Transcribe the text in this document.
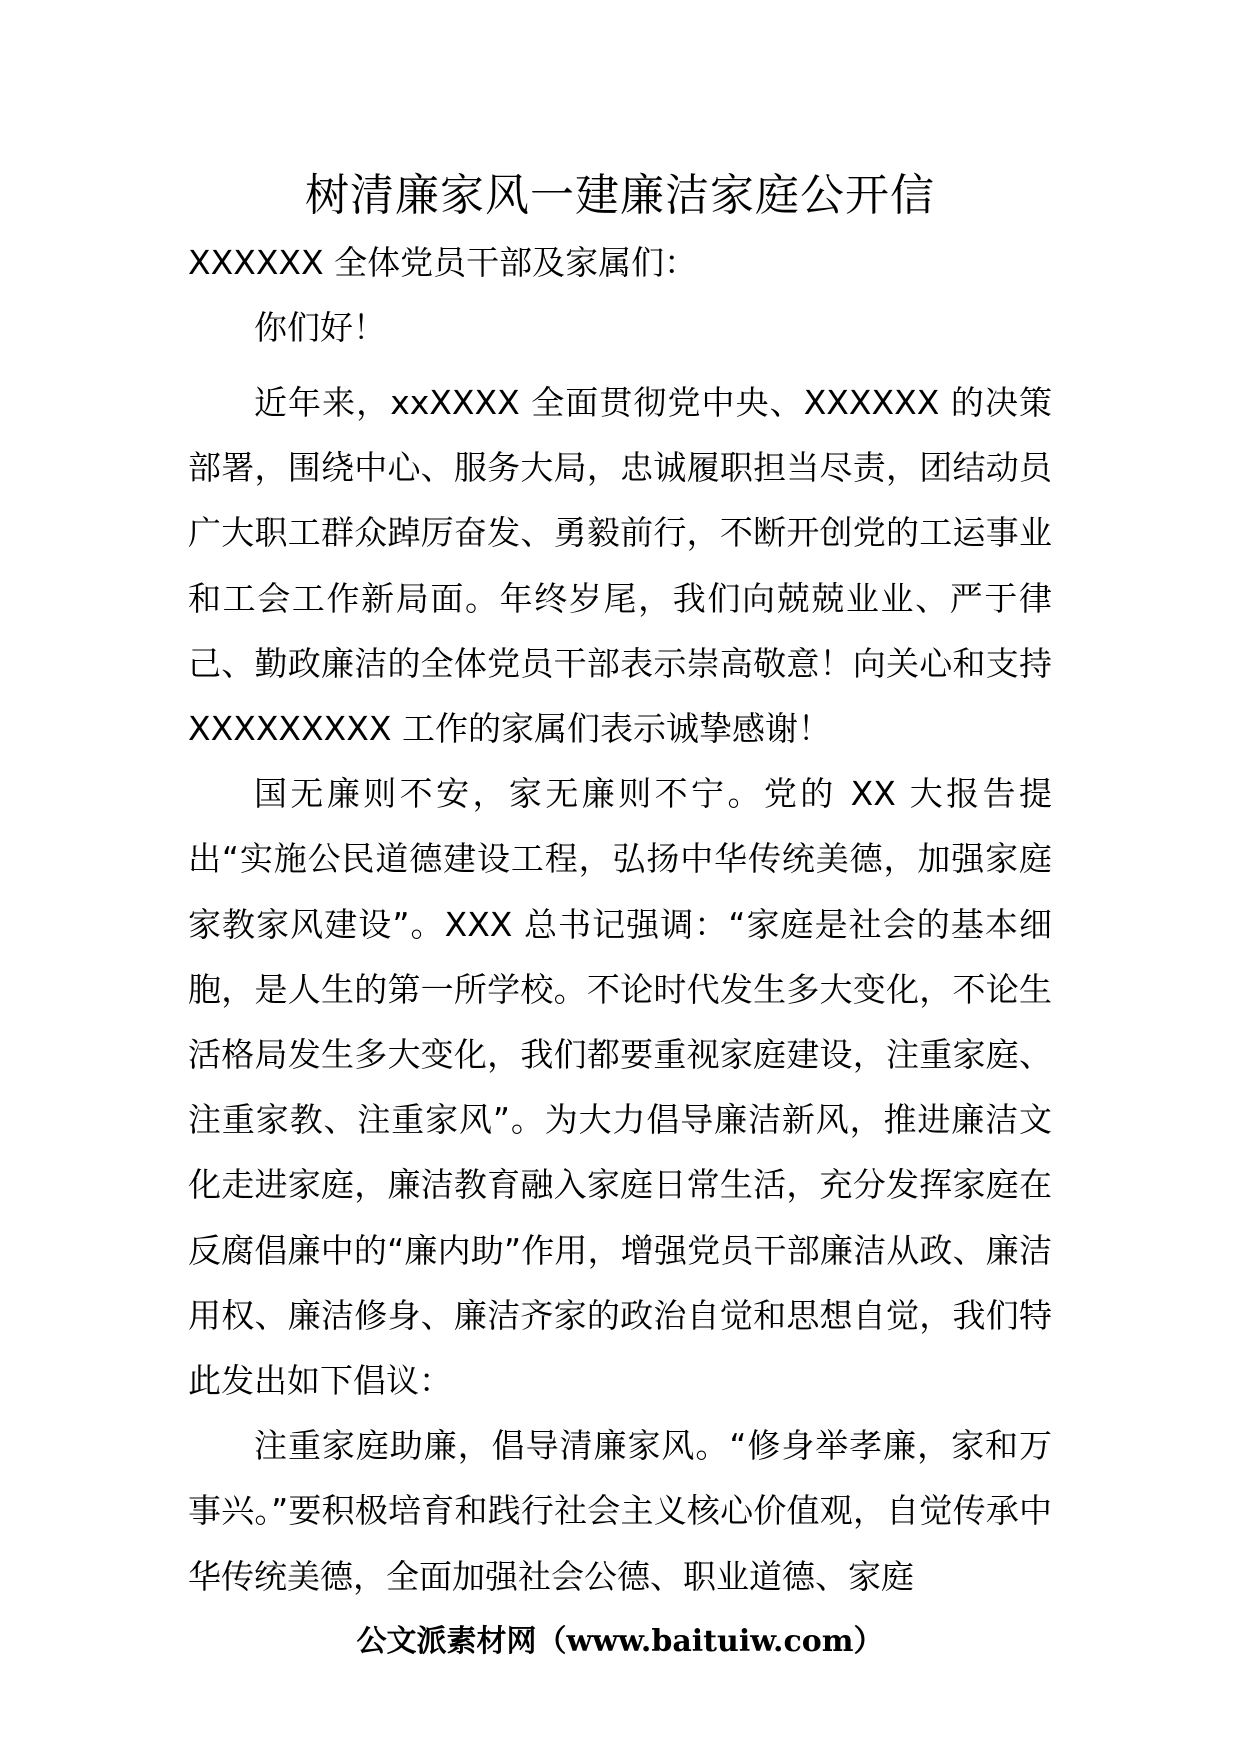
树清廉家风一建廉洁家庭公开信
XXXXXX 全体党员干部及家属们：
你们好！

近年来，xxXXXX 全面贯彻党中央、XXXXXX 的决策部署，围绕中心、服务大局，忠诚履职担当尽责，团结动员广大职工群众踔厉奋发、勇毅前行，不断开创党的工运事业和工会工作新局面。年终岁尾，我们向兢兢业业、严于律己、勤政廉洁的全体党员干部表示崇高敬意！向关心和支持 XXXXXXXXX 工作的家属们表示诚挚感谢！

国无廉则不安，家无廉则不宁。党的 XX 大报告提出“实施公民道德建设工程，弘扬中华传统美德，加强家庭家教家风建设”。XXX 总书记强调：“家庭是社会的基本细胞，是人生的第一所学校。不论时代发生多大变化，不论生活格局发生多大变化，我们都要重视家庭建设，注重家庭、注重家教、注重家风”。为大力倡导廉洁新风，推进廉洁文化走进家庭，廉洁教育融入家庭日常生活，充分发挥家庭在反腐倡廉中的“廉内助”作用，增强党员干部廉洁从政、廉洁用权、廉洁修身、廉洁齐家的政治自觉和思想自觉，我们特此发出如下倡议：

注重家庭助廉，倡导清廉家风。“修身举孝廉，家和万事兴。”要积极培育和践行社会主义核心价值观，自觉传承中华传统美德，全面加强社会公德、职业道德、家庭

公文派素材网（www.baituiw.com）
